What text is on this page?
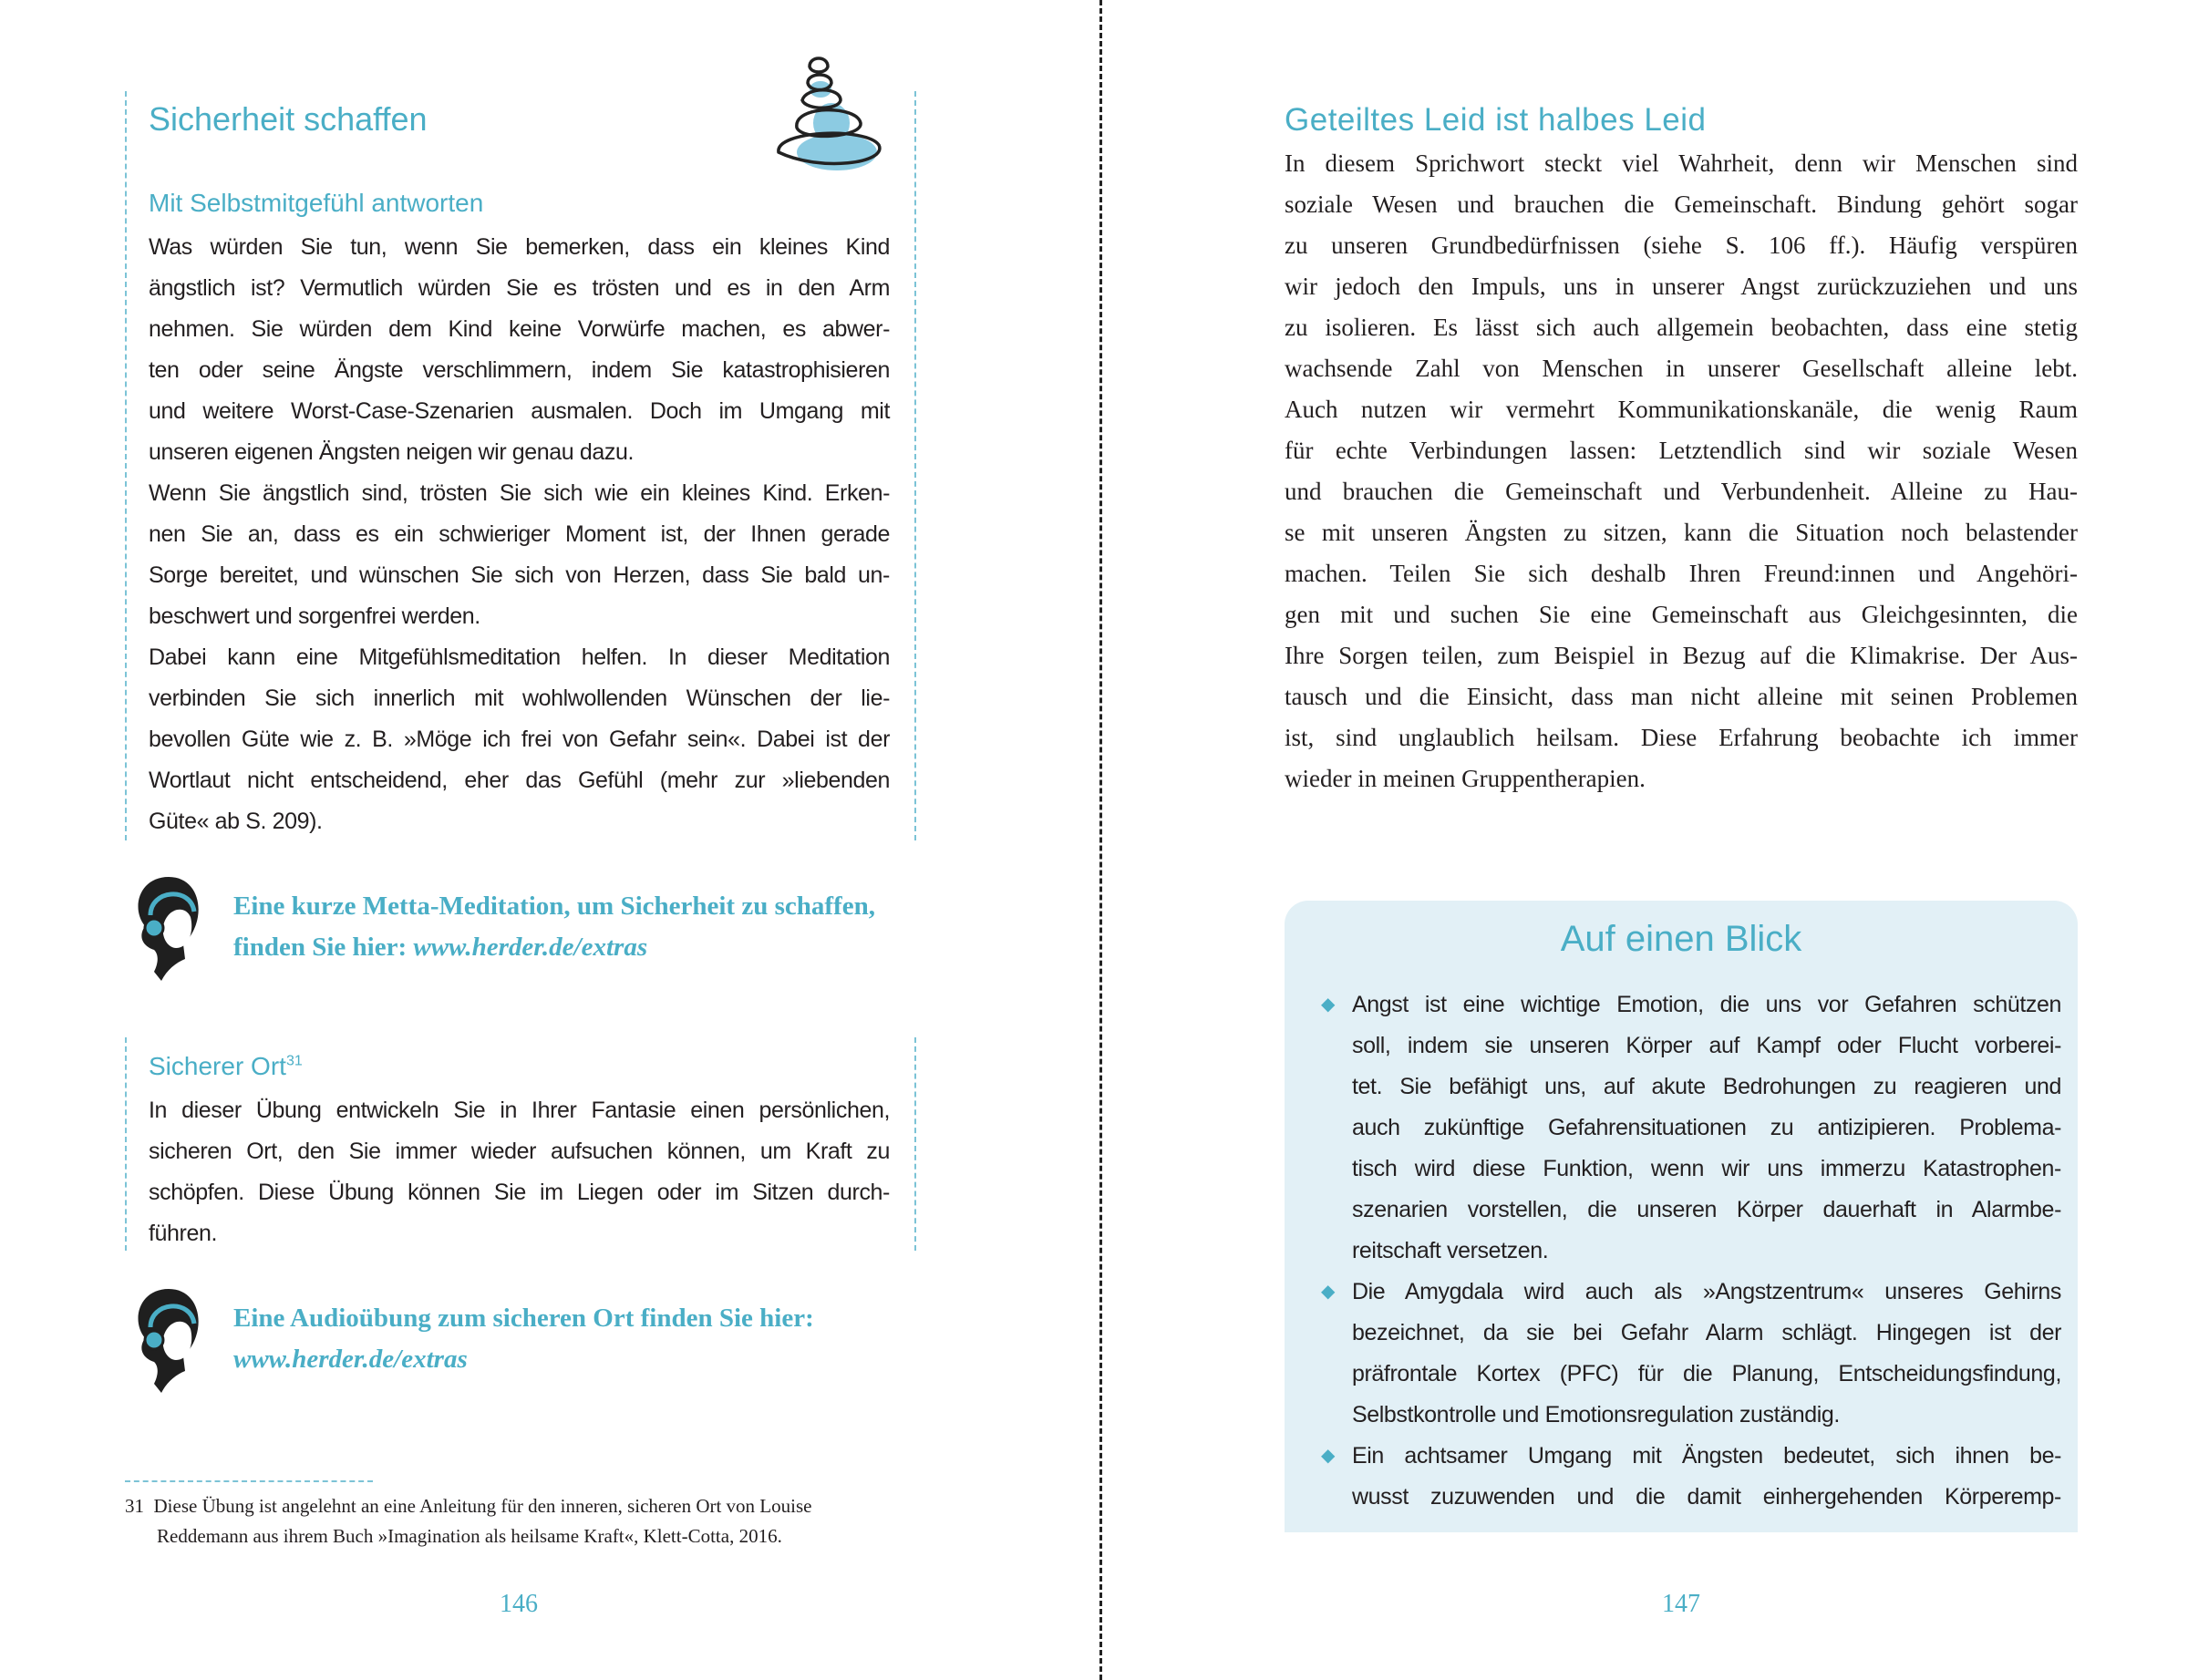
Sicherheit schaffen
Mit Selbstmitgefühl antworten
Was würden Sie tun, wenn Sie bemerken, dass ein kleines Kind
ängstlich ist? Vermutlich würden Sie es trösten und es in den Arm
nehmen. Sie würden dem Kind keine Vorwürfe machen, es abwer-
ten oder seine Ängste verschlimmern, indem Sie katastrophisieren
und weitere Worst-Case-Szenarien ausmalen. Doch im Umgang mit
unseren eigenen Ängsten neigen wir genau dazu.
Wenn Sie ängstlich sind, trösten Sie sich wie ein kleines Kind. Erken-
nen Sie an, dass es ein schwieriger Moment ist, der Ihnen gerade
Sorge bereitet, und wünschen Sie sich von Herzen, dass Sie bald un-
beschwert und sorgenfrei werden.
Dabei kann eine Mitgefühlsmeditation helfen. In dieser Meditation
verbinden Sie sich innerlich mit wohlwollenden Wünschen der lie-
bevollen Güte wie z. B. »Möge ich frei von Gefahr sein«. Dabei ist der
Wortlaut nicht entscheidend, eher das Gefühl (mehr zur »liebenden
Güte« ab S. 209).
Eine kurze Metta-Meditation, um Sicherheit zu schaffen,
finden Sie hier: www.herder.de/extras
Sicherer Ort$^{31}$
In dieser Übung entwickeln Sie in Ihrer Fantasie einen persönlichen,
sicheren Ort, den Sie immer wieder aufsuchen können, um Kraft zu
schöpfen. Diese Übung können Sie im Liegen oder im Sitzen durch-
führen.
Eine Audioübung zum sicheren Ort finden Sie hier:
www.herder.de/extras
31 Diese Übung ist angelehnt an eine Anleitung für den inneren, sicheren Ort von Louise
Reddemann aus ihrem Buch »Imagination als heilsame Kraft«, Klett-Cotta, 2016.
146
Geteiltes Leid ist halbes Leid
In diesem Sprichwort steckt viel Wahrheit, denn wir Menschen sind
soziale Wesen und brauchen die Gemeinschaft. Bindung gehört sogar
zu unseren Grundbedürfnissen (siehe S. 106 ff.). Häufig verspüren
wir jedoch den Impuls, uns in unserer Angst zurückzuziehen und uns
zu isolieren. Es lässt sich auch allgemein beobachten, dass eine stetig
wachsende Zahl von Menschen in unserer Gesellschaft alleine lebt.
Auch nutzen wir vermehrt Kommunikationskanäle, die wenig Raum
für echte Verbindungen lassen: Letztendlich sind wir soziale Wesen
und brauchen die Gemeinschaft und Verbundenheit. Alleine zu Hau-
se mit unseren Ängsten zu sitzen, kann die Situation noch belastender
machen. Teilen Sie sich deshalb Ihren Freund:innen und Angehöri-
gen mit und suchen Sie eine Gemeinschaft aus Gleichgesinnten, die
Ihre Sorgen teilen, zum Beispiel in Bezug auf die Klimakrise. Der Aus-
tausch und die Einsicht, dass man nicht alleine mit seinen Problemen
ist, sind unglaublich heilsam. Diese Erfahrung beobachte ich immer
wieder in meinen Gruppentherapien.
Auf einen Blick
◆ Angst ist eine wichtige Emotion, die uns vor Gefahren schützen
soll, indem sie unseren Körper auf Kampf oder Flucht vorberei-
tet. Sie befähigt uns, auf akute Bedrohungen zu reagieren und
auch zukünftige Gefahrensituationen zu antizipieren. Problema-
tisch wird diese Funktion, wenn wir uns immerzu Katastrophen-
szenarien vorstellen, die unseren Körper dauerhaft in Alarmbe-
reitschaft versetzen.
◆ Die Amygdala wird auch als »Angstzentrum« unseres Gehirns
bezeichnet, da sie bei Gefahr Alarm schlägt. Hingegen ist der
präfrontale Kortex (PFC) für die Planung, Entscheidungsfindung,
Selbstkontrolle und Emotionsregulation zuständig.
◆ Ein achtsamer Umgang mit Ängsten bedeutet, sich ihnen be-
wusst zuzuwenden und die damit einhergehenden Körperemp-
147
